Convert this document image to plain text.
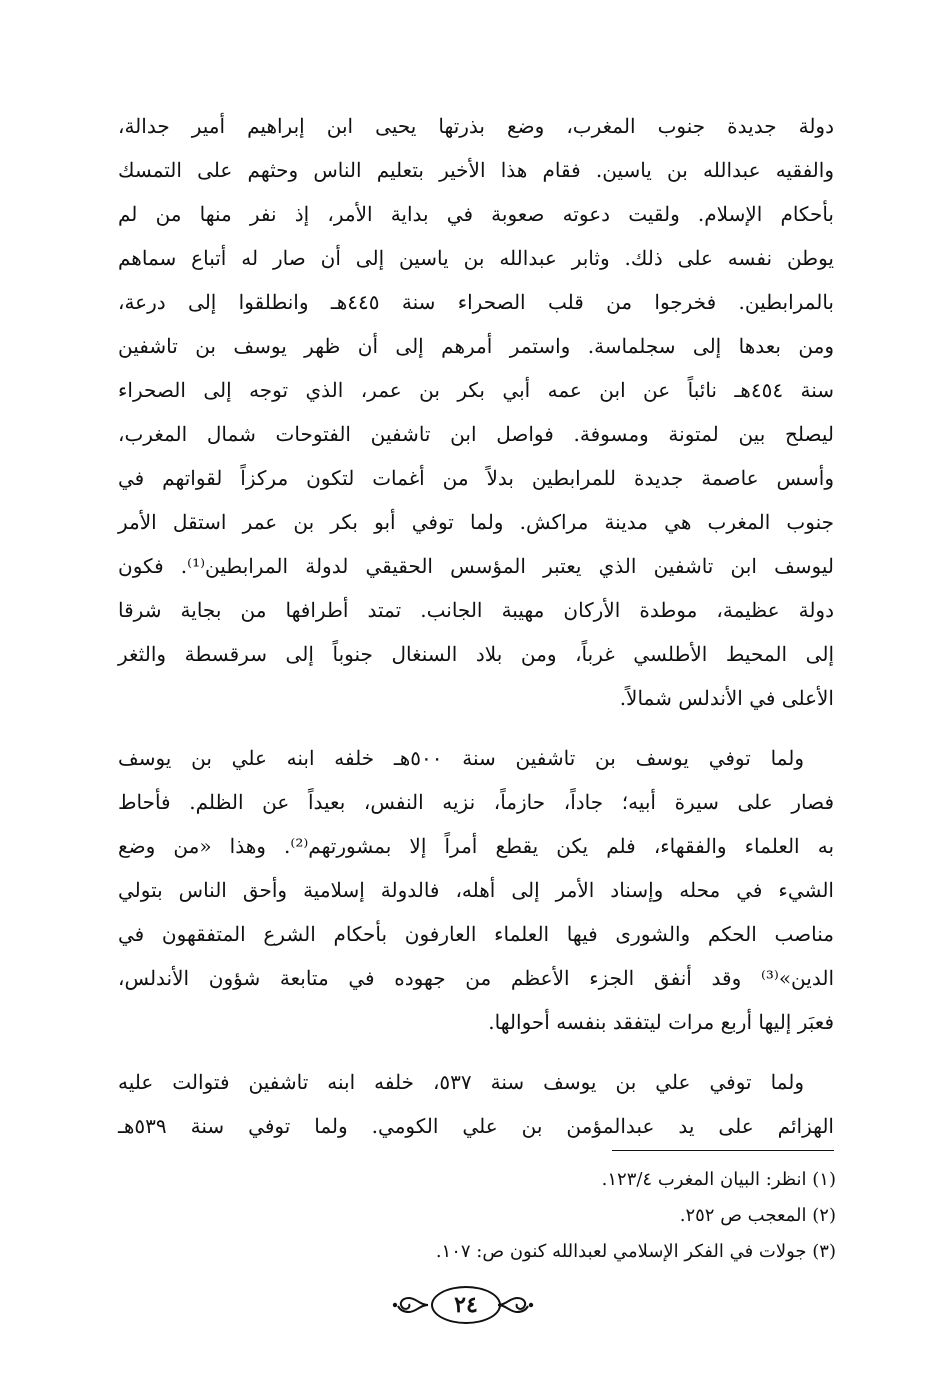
دولة جديدة جنوب المغرب، وضع بذرتها يحيى ابن إبراهيم أمير جدالة،
والفقيه عبدالله بن ياسين. فقام هذا الأخير بتعليم الناس وحثهم على التمسك
بأحكام الإسلام. ولقيت دعوته صعوبة في بداية الأمر، إذ نفر منها من لم
يوطن نفسه على ذلك. وثابر عبدالله بن ياسين إلى أن صار له أتباع سماهم
بالمرابطين. فخرجوا من قلب الصحراء سنة ٤٤٥هـ وانطلقوا إلى درعة،
ومن بعدها إلى سجلماسة. واستمر أمرهم إلى أن ظهر يوسف بن تاشفين
سنة ٤٥٤هـ نائباً عن ابن عمه أبي بكر بن عمر، الذي توجه إلى الصحراء
ليصلح بين لمتونة ومسوفة. فواصل ابن تاشفين الفتوحات شمال المغرب،
وأسس عاصمة جديدة للمرابطين بدلاً من أغمات لتكون مركزاً لقواتهم في
جنوب المغرب هي مدينة مراكش. ولما توفي أبو بكر بن عمر استقل الأمر
ليوسف ابن تاشفين الذي يعتبر المؤسس الحقيقي لدولة المرابطين⁽¹⁾. فكون
دولة عظيمة، موطدة الأركان مهيبة الجانب. تمتد أطرافها من بجاية شرقا
إلى المحيط الأطلسي غرباً، ومن بلاد السنغال جنوباً إلى سرقسطة والثغر
الأعلى في الأندلس شمالاً.
ولما توفي يوسف بن تاشفين سنة ٥٠٠هـ خلفه ابنه علي بن يوسف
فصار على سيرة أبيه؛ جاداً، حازماً، نزيه النفس، بعيداً عن الظلم. فأحاط
به العلماء والفقهاء، فلم يكن يقطع أمراً إلا بمشورتهم⁽²⁾. وهذا «من وضع
الشيء في محله وإسناد الأمر إلى أهله، فالدولة إسلامية وأحق الناس بتولي
مناصب الحكم والشورى فيها العلماء العارفون بأحكام الشرع المتفقهون في
الدين»⁽³⁾ وقد أنفق الجزء الأعظم من جهوده في متابعة شؤون الأندلس،
فعبَر إليها أربع مرات ليتفقد بنفسه أحوالها.
ولما توفي علي بن يوسف سنة ٥٣٧، خلفه ابنه تاشفين فتوالت عليه
الهزائم على يد عبدالمؤمن بن علي الكومي. ولما توفي سنة ٥٣٩هـ
(١) انظر: البيان المغرب ١٢٣/٤.
(٢) المعجب ص ٢٥٢.
(٣) جولات في الفكر الإسلامي لعبدالله كنون ص: ١٠٧.
٢٤
